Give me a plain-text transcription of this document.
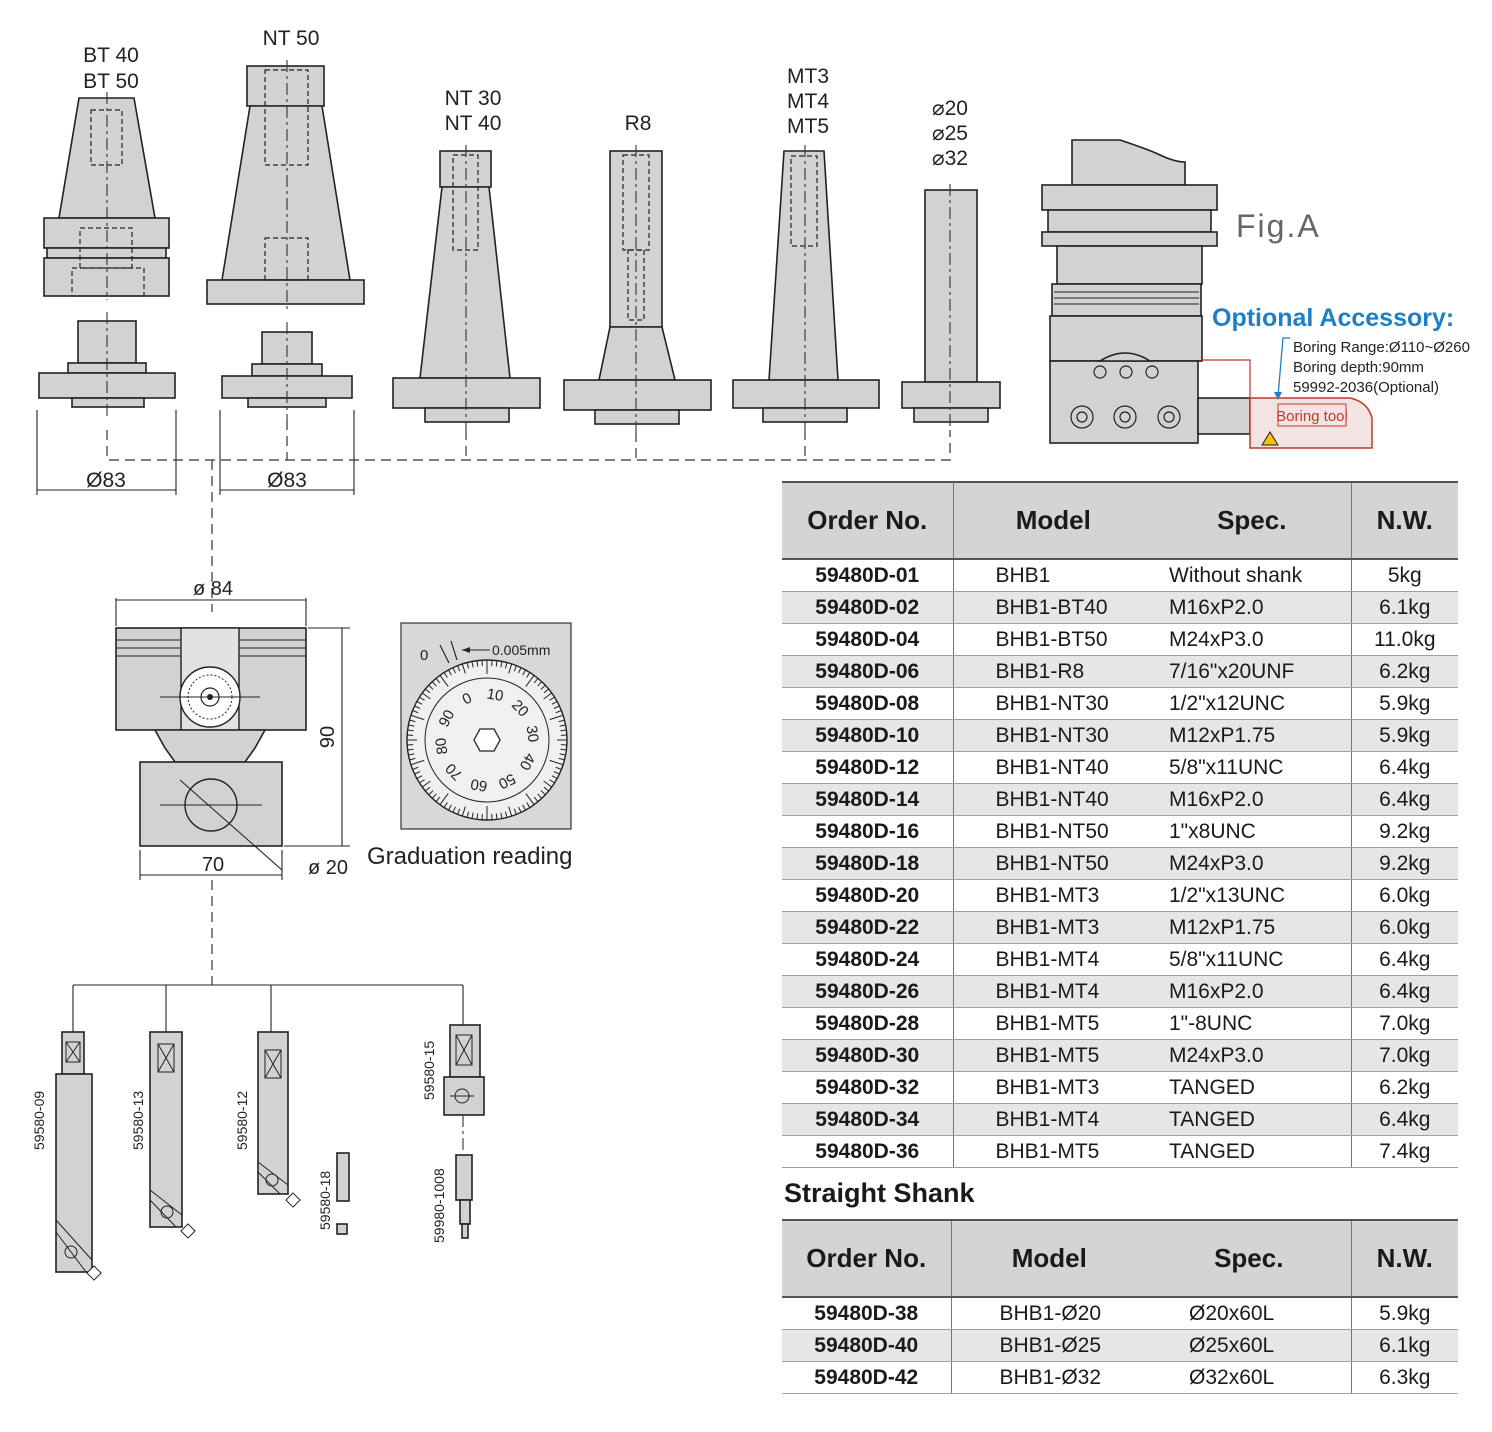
BT 40
BT 50
NT 50
NT 30
NT 40	R8
MT3
MT4
MT5
⌀20
⌀25
⌀32
Ø83	Ø83
Boring tool
Fig.A
Optional Accessory:
Boring Range:Ø110~Ø260
Boring depth:90mm
59992-2036(Optional)
ø 84
90
70	ø 20
10
20
30
40
50
60
70
80
90
0
0.005mm
0
Graduation reading
59580-09	59580-13	59580-12
59580-18
59580-15
59980-1008
Order No.	Model	Spec.	N.W.
59480D-01	BHB1	Without shank	5kg
59480D-02	BHB1-BT40	M16xP2.0	6.1kg
59480D-04	BHB1-BT50	M24xP3.0	11.0kg
59480D-06	BHB1-R8	7/16"x20UNF	6.2kg
59480D-08	BHB1-NT30	1/2"x12UNC	5.9kg
59480D-10	BHB1-NT30	M12xP1.75	5.9kg
59480D-12	BHB1-NT40	5/8"x11UNC	6.4kg
59480D-14	BHB1-NT40	M16xP2.0	6.4kg
59480D-16	BHB1-NT50	1"x8UNC	9.2kg
59480D-18	BHB1-NT50	M24xP3.0	9.2kg
59480D-20	BHB1-MT3	1/2"x13UNC	6.0kg
59480D-22	BHB1-MT3	M12xP1.75	6.0kg
59480D-24	BHB1-MT4	5/8"x11UNC	6.4kg
59480D-26	BHB1-MT4	M16xP2.0	6.4kg
59480D-28	BHB1-MT5	1"-8UNC	7.0kg
59480D-30	BHB1-MT5	M24xP3.0	7.0kg
59480D-32	BHB1-MT3	TANGED	6.2kg
59480D-34	BHB1-MT4	TANGED	6.4kg
59480D-36	BHB1-MT5	TANGED	7.4kg
Straight Shank
Order No.	Model	Spec.	N.W.
59480D-38	BHB1-Ø20	Ø20x60L	5.9kg
59480D-40	BHB1-Ø25	Ø25x60L	6.1kg
59480D-42	BHB1-Ø32	Ø32x60L	6.3kg
